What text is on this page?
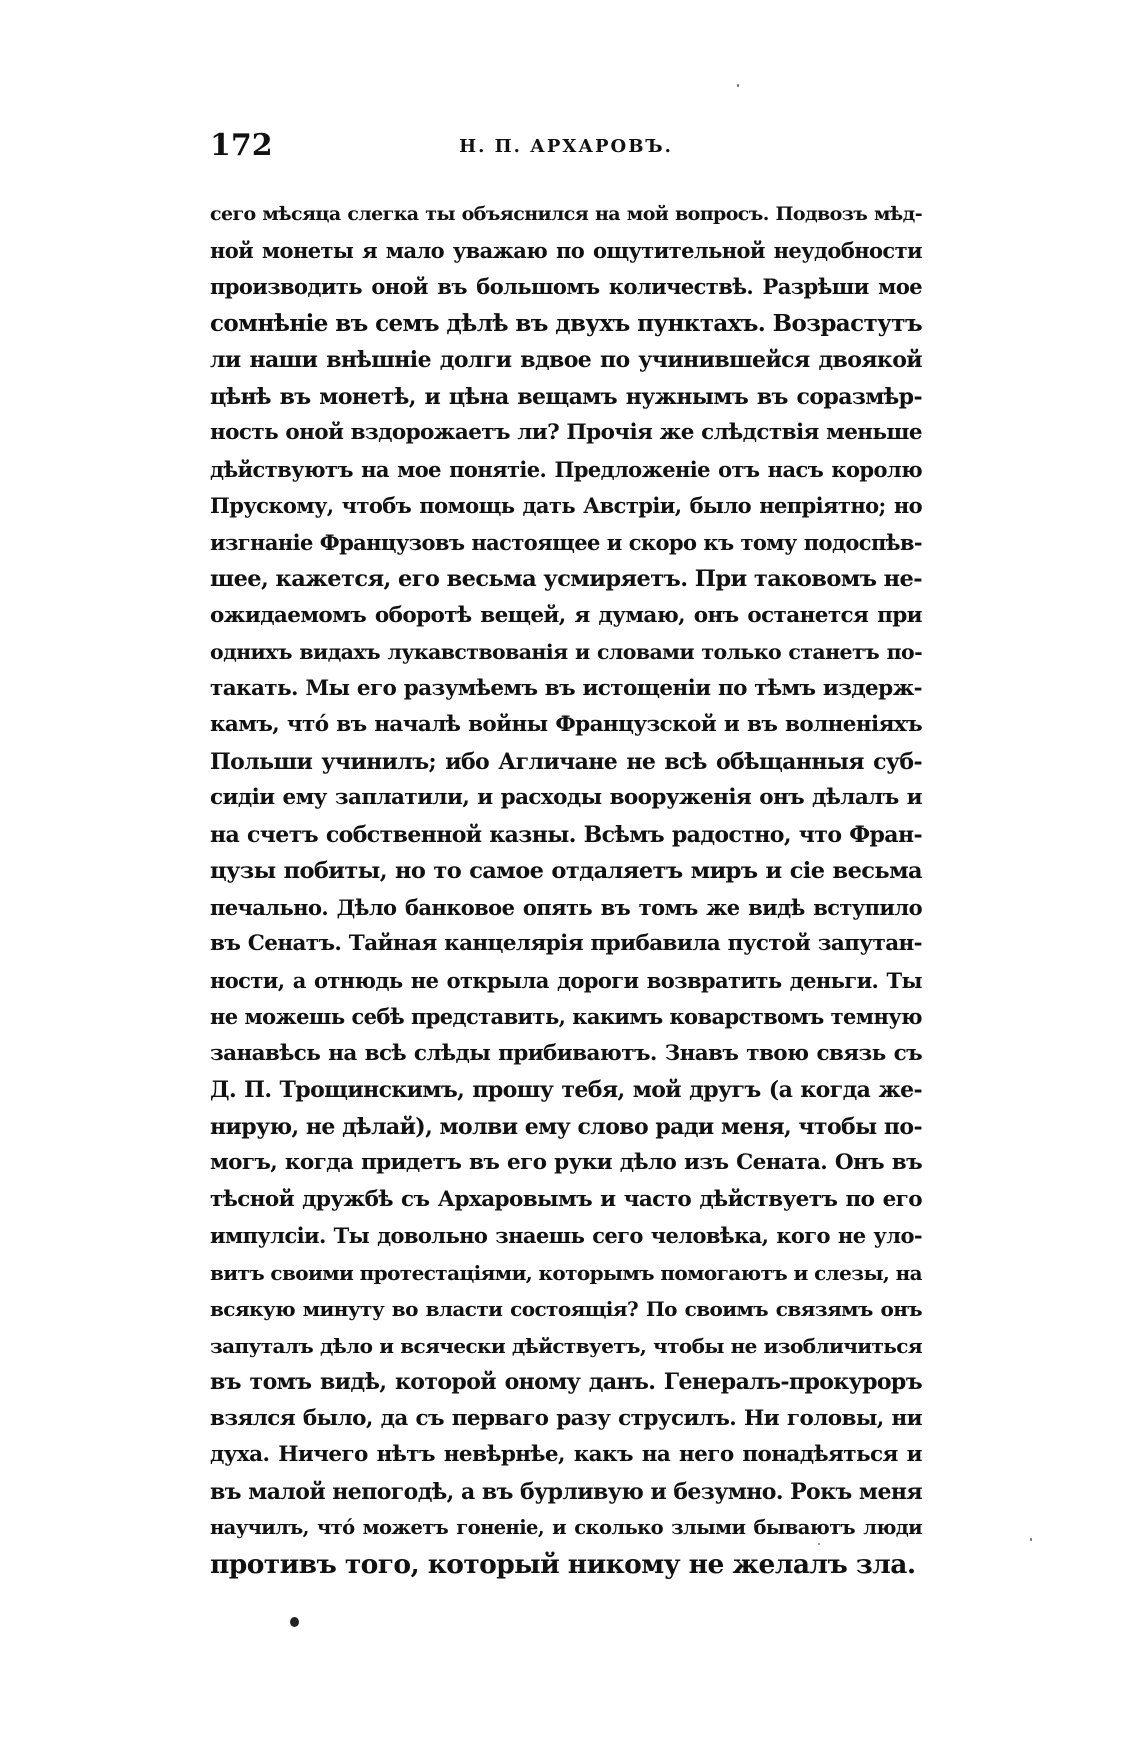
172	Н. П. АРХАРОВЪ.
сего мѣсяца слегка ты объяснился на мой вопросъ. Подвозъ мѣд-
ной монеты я мало уважаю по ощутительной неудобности
производить оной въ большомъ количествѣ. Разрѣши мое
сомнѣніе въ семъ дѣлѣ въ двухъ пунктахъ. Возрастутъ
ли наши внѣшніе долги вдвое по учинившейся двоякой
цѣнѣ въ монетѣ, и цѣна вещамъ нужнымъ въ соразмѣр-
ность оной вздорожаетъ ли? Прочія же слѣдствія меньше
дѣйствуютъ на мое понятіе. Предложеніе отъ насъ королю
Прускому, чтобъ помощь дать Австріи, было непріятно; но
изгнаніе Французовъ настоящее и скоро къ тому подоспѣв-
шее, кажется, его весьма усмиряетъ. При таковомъ не-
ожидаемомъ оборотѣ вещей, я думаю, онъ останется при
однихъ видахъ лукавствованія и словами только станетъ по-
такать. Мы его разумѣемъ въ истощеніи по тѣмъ издерж-
камъ, чтó въ началѣ войны Французской и въ волненіяхъ
Польши учинилъ; ибо Агличане не всѣ обѣщанныя суб-
сидіи ему заплатили, и расходы вооруженія онъ дѣлалъ и
на счетъ собственной казны. Всѣмъ радостно, что Фран-
цузы побиты, но то самое отдаляетъ миръ и сіе весьма
печально. Дѣло банковое опять въ томъ же видѣ вступило
въ Сенатъ. Тайная канцелярія прибавила пустой запутан-
ности, а отнюдь не открыла дороги возвратить деньги. Ты
не можешь себѣ представить, какимъ коварствомъ темную
занавѣсь на всѣ слѣды прибиваютъ. Знавъ твою связь съ
Д. П. Трощинскимъ, прошу тебя, мой другъ (а когда же-
нирую, не дѣлай), молви ему слово ради меня, чтобы по-
могъ, когда придетъ въ его руки дѣло изъ Сената. Онъ въ
тѣсной дружбѣ съ Архаровымъ и часто дѣйствуетъ по его
импулсіи. Ты довольно знаешь сего человѣка, кого не уло-
витъ своими протестаціями, которымъ помогаютъ и слезы, на
всякую минуту во власти состоящія? По своимъ связямъ онъ
запуталъ дѣло и всячески дѣйствуетъ, чтобы не изобличиться
въ томъ видѣ, которой оному данъ. Генералъ-прокуроръ
взялся было, да съ перваго разу струсилъ. Ни головы, ни
духа. Ничего нѣтъ невѣрнѣе, какъ на него понадѣяться и
въ малой непогодѣ, а въ бурливую и безумно. Рокъ меня
научилъ, чтó можетъ гоненіе, и сколько злыми бываютъ люди
противъ того, который никому не желалъ зла.
